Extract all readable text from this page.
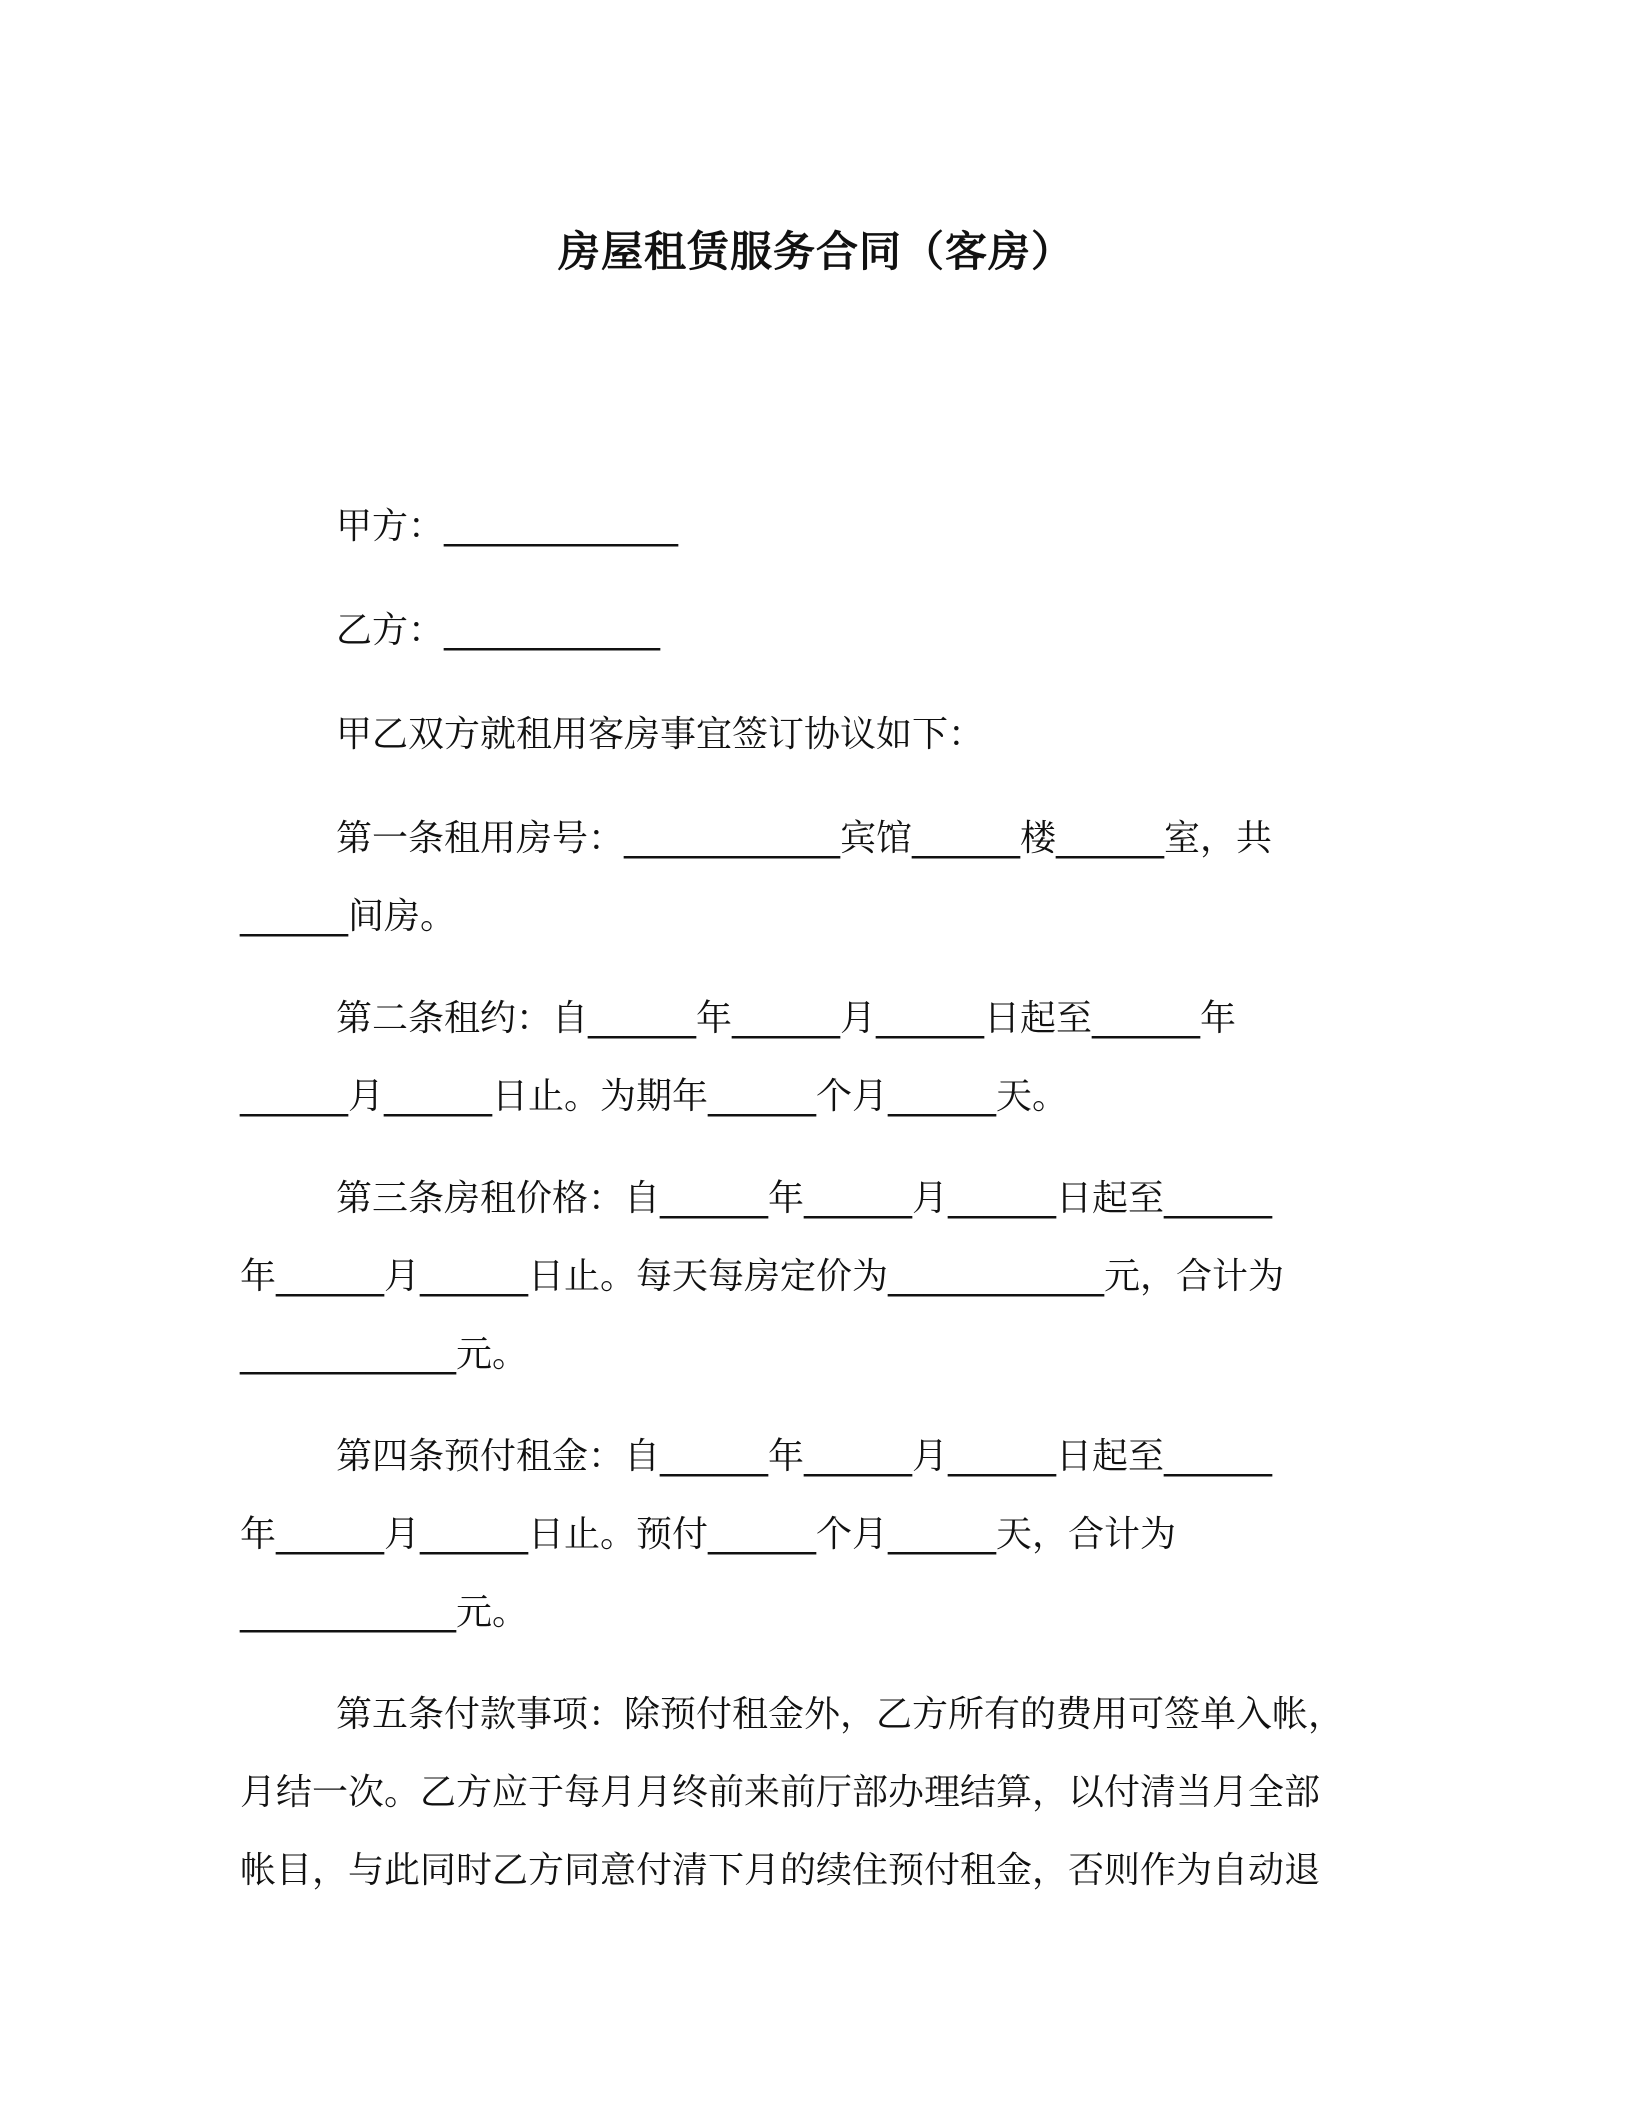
房屋租赁服务合同（客房）
甲方：_____________
乙方：____________
甲乙双方就租用客房事宜签订协议如下：
第一条租用房号：____________宾馆______楼______室，共
______间房。
第二条租约：自______年______月______日起至______年
______月______日止。为期年______个月______天。
第三条房租价格：自______年______月______日起至______
年______月______日止。每天每房定价为____________元，合计为
____________元。
第四条预付租金：自______年______月______日起至______
年______月______日止。预付______个月______天，合计为
____________元。
第五条付款事项：除预付租金外，乙方所有的费用可签单入帐，
月结一次。乙方应于每月月终前来前厅部办理结算，以付清当月全部
帐目，与此同时乙方同意付清下月的续住预付租金，否则作为自动退
